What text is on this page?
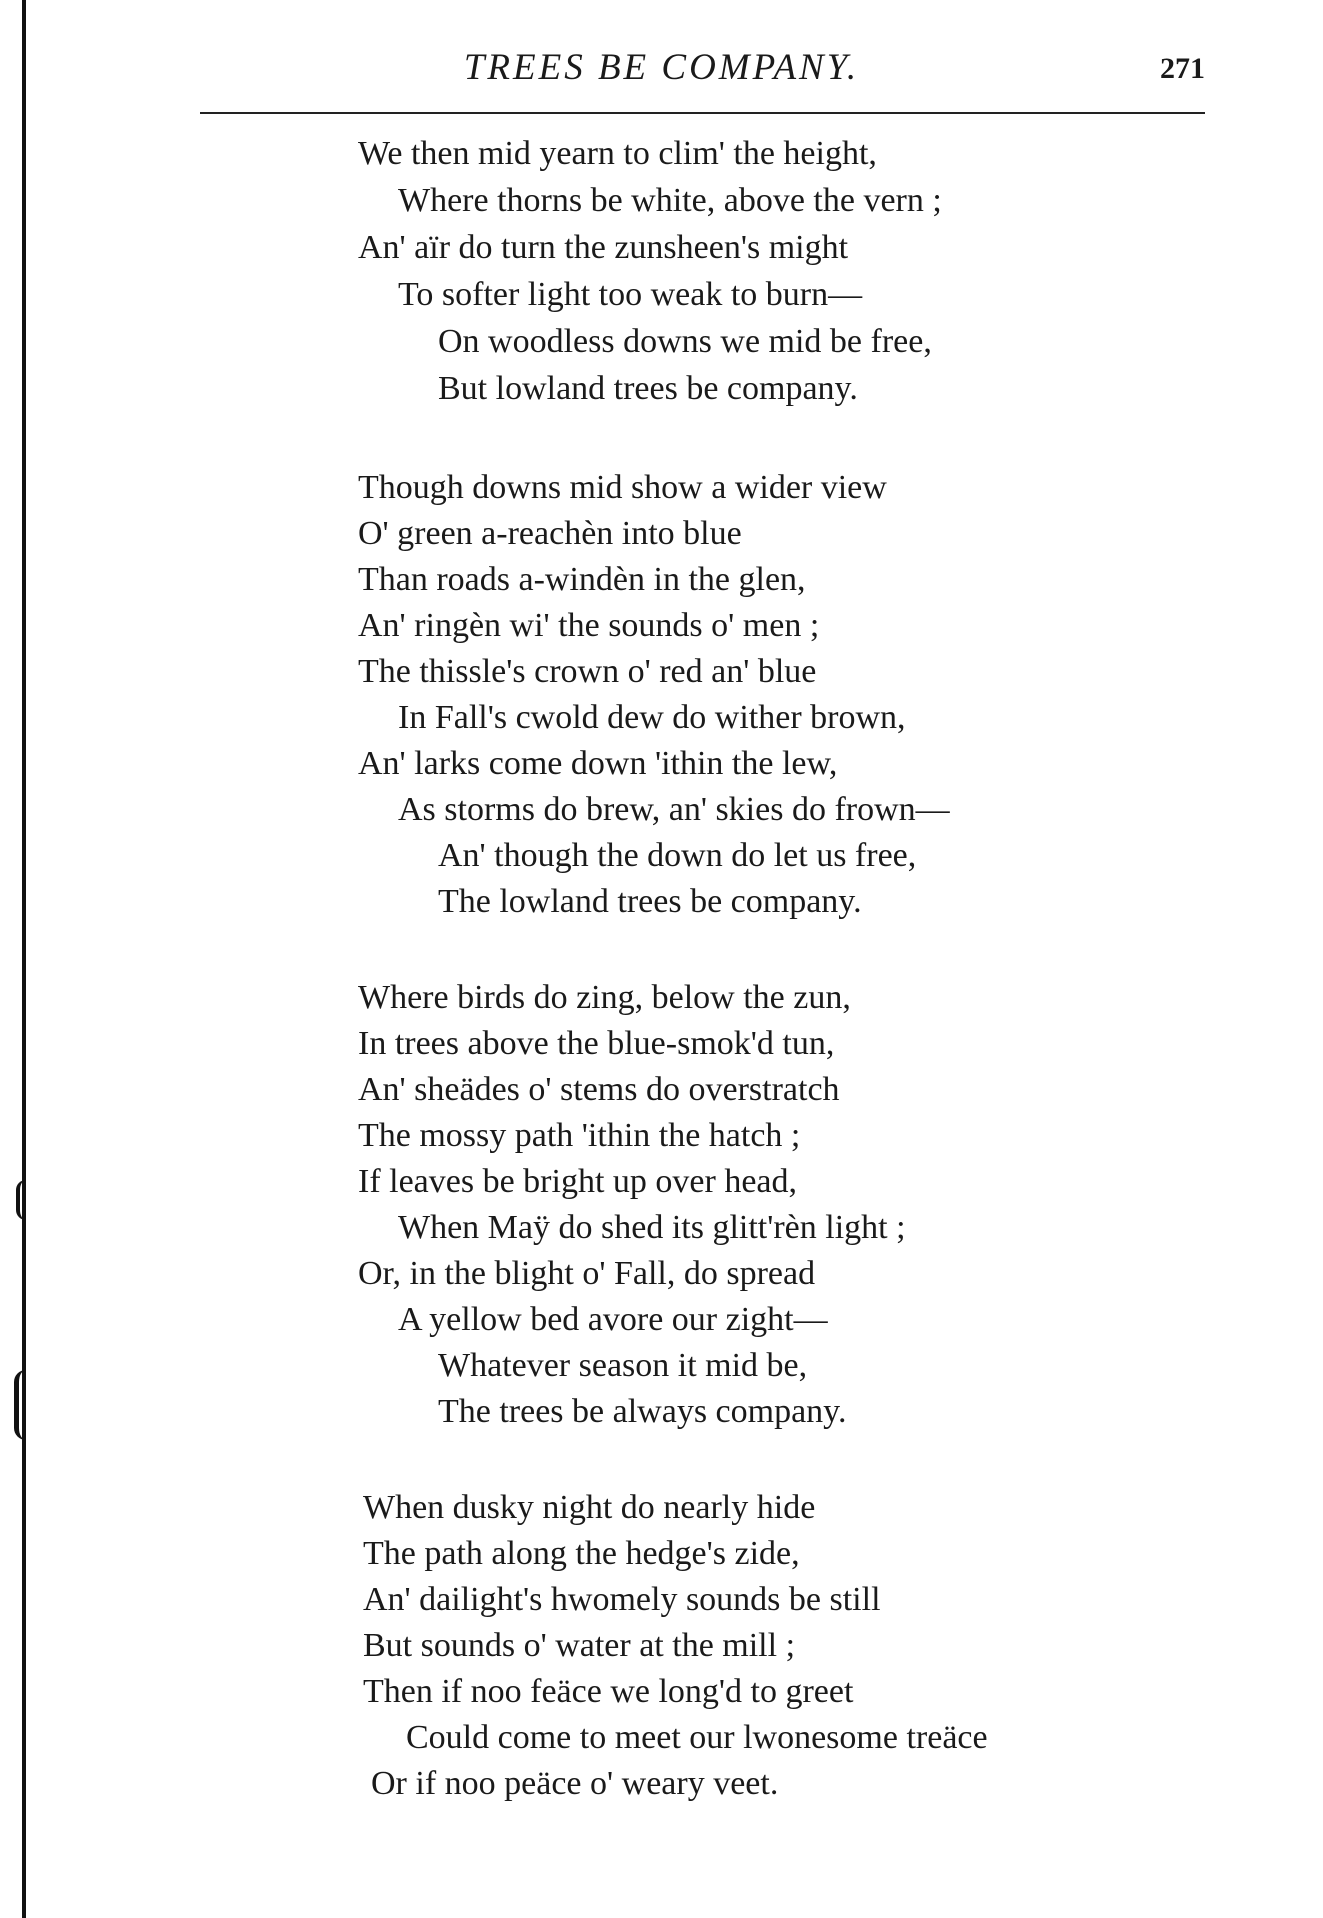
TREES BE COMPANY.	271
We then mid yearn to clim' the height,
Where thorns be white, above the vern ;
An' aïr do turn the zunsheen's might
To softer light too weak to burn—
On woodless downs we mid be free,
But lowland trees be company.
Though downs mid show a wider view
O' green a-reachèn into blue
Than roads a-windèn in the glen,
An' ringèn wi' the sounds o' men ;
The thissle's crown o' red an' blue
In Fall's cwold dew do wither brown,
An' larks come down 'ithin the lew,
As storms do brew, an' skies do frown—
An' though the down do let us free,
The lowland trees be company.
Where birds do zing, below the zun,
In trees above the blue-smok'd tun,
An' sheädes o' stems do overstratch
The mossy path 'ithin the hatch ;
If leaves be bright up over head,
When Maÿ do shed its glitt'rèn light ;
Or, in the blight o' Fall, do spread
A yellow bed avore our zight—
Whatever season it mid be,
The trees be always company.
When dusky night do nearly hide
The path along the hedge's zide,
An' dailight's hwomely sounds be still
But sounds o' water at the mill ;
Then if noo feäce we long'd to greet
Could come to meet our lwonesome treäce
Or if noo peäce o' weary veet.
